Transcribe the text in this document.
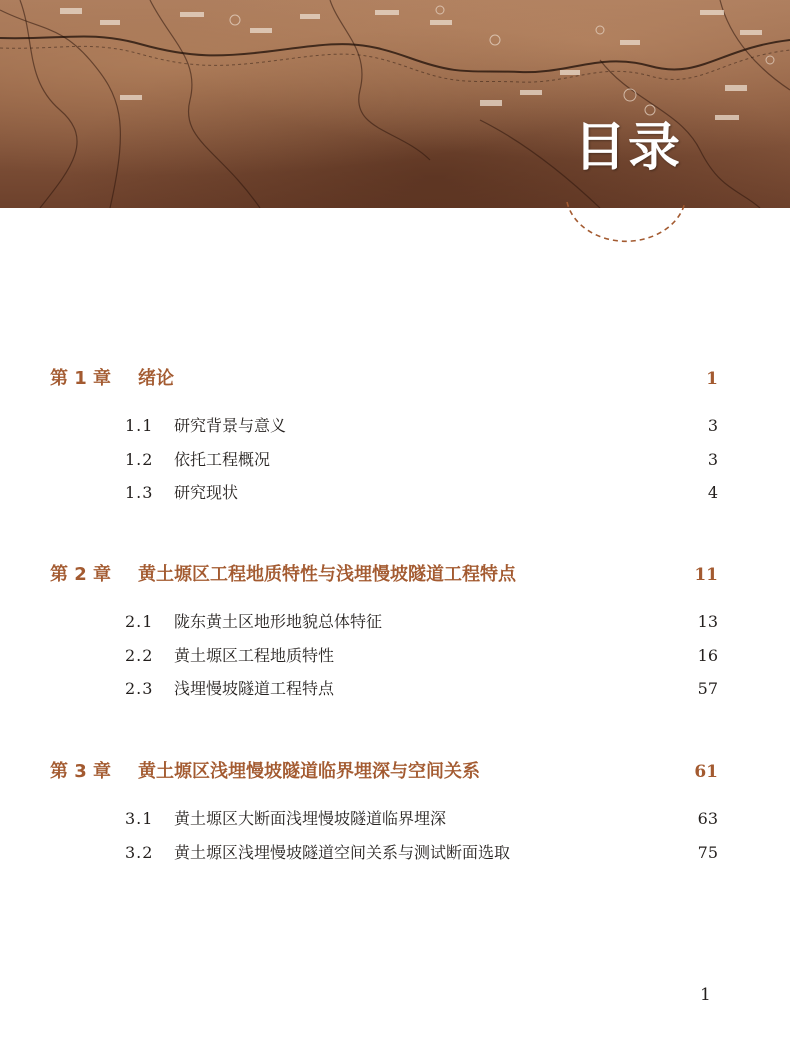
目录
第 1 章	绪论	1
1.1	研究背景与意义	3
1.2	依托工程概况	3
1.3	研究现状	4
第 2 章	黄土塬区工程地质特性与浅埋慢坡隧道工程特点	11
2.1	陇东黄土区地形地貌总体特征	13
2.2	黄土塬区工程地质特性	16
2.3	浅埋慢坡隧道工程特点	57
第 3 章	黄土塬区浅埋慢坡隧道临界埋深与空间关系	61
3.1	黄土塬区大断面浅埋慢坡隧道临界埋深	63
3.2	黄土塬区浅埋慢坡隧道空间关系与测试断面选取	75
1
